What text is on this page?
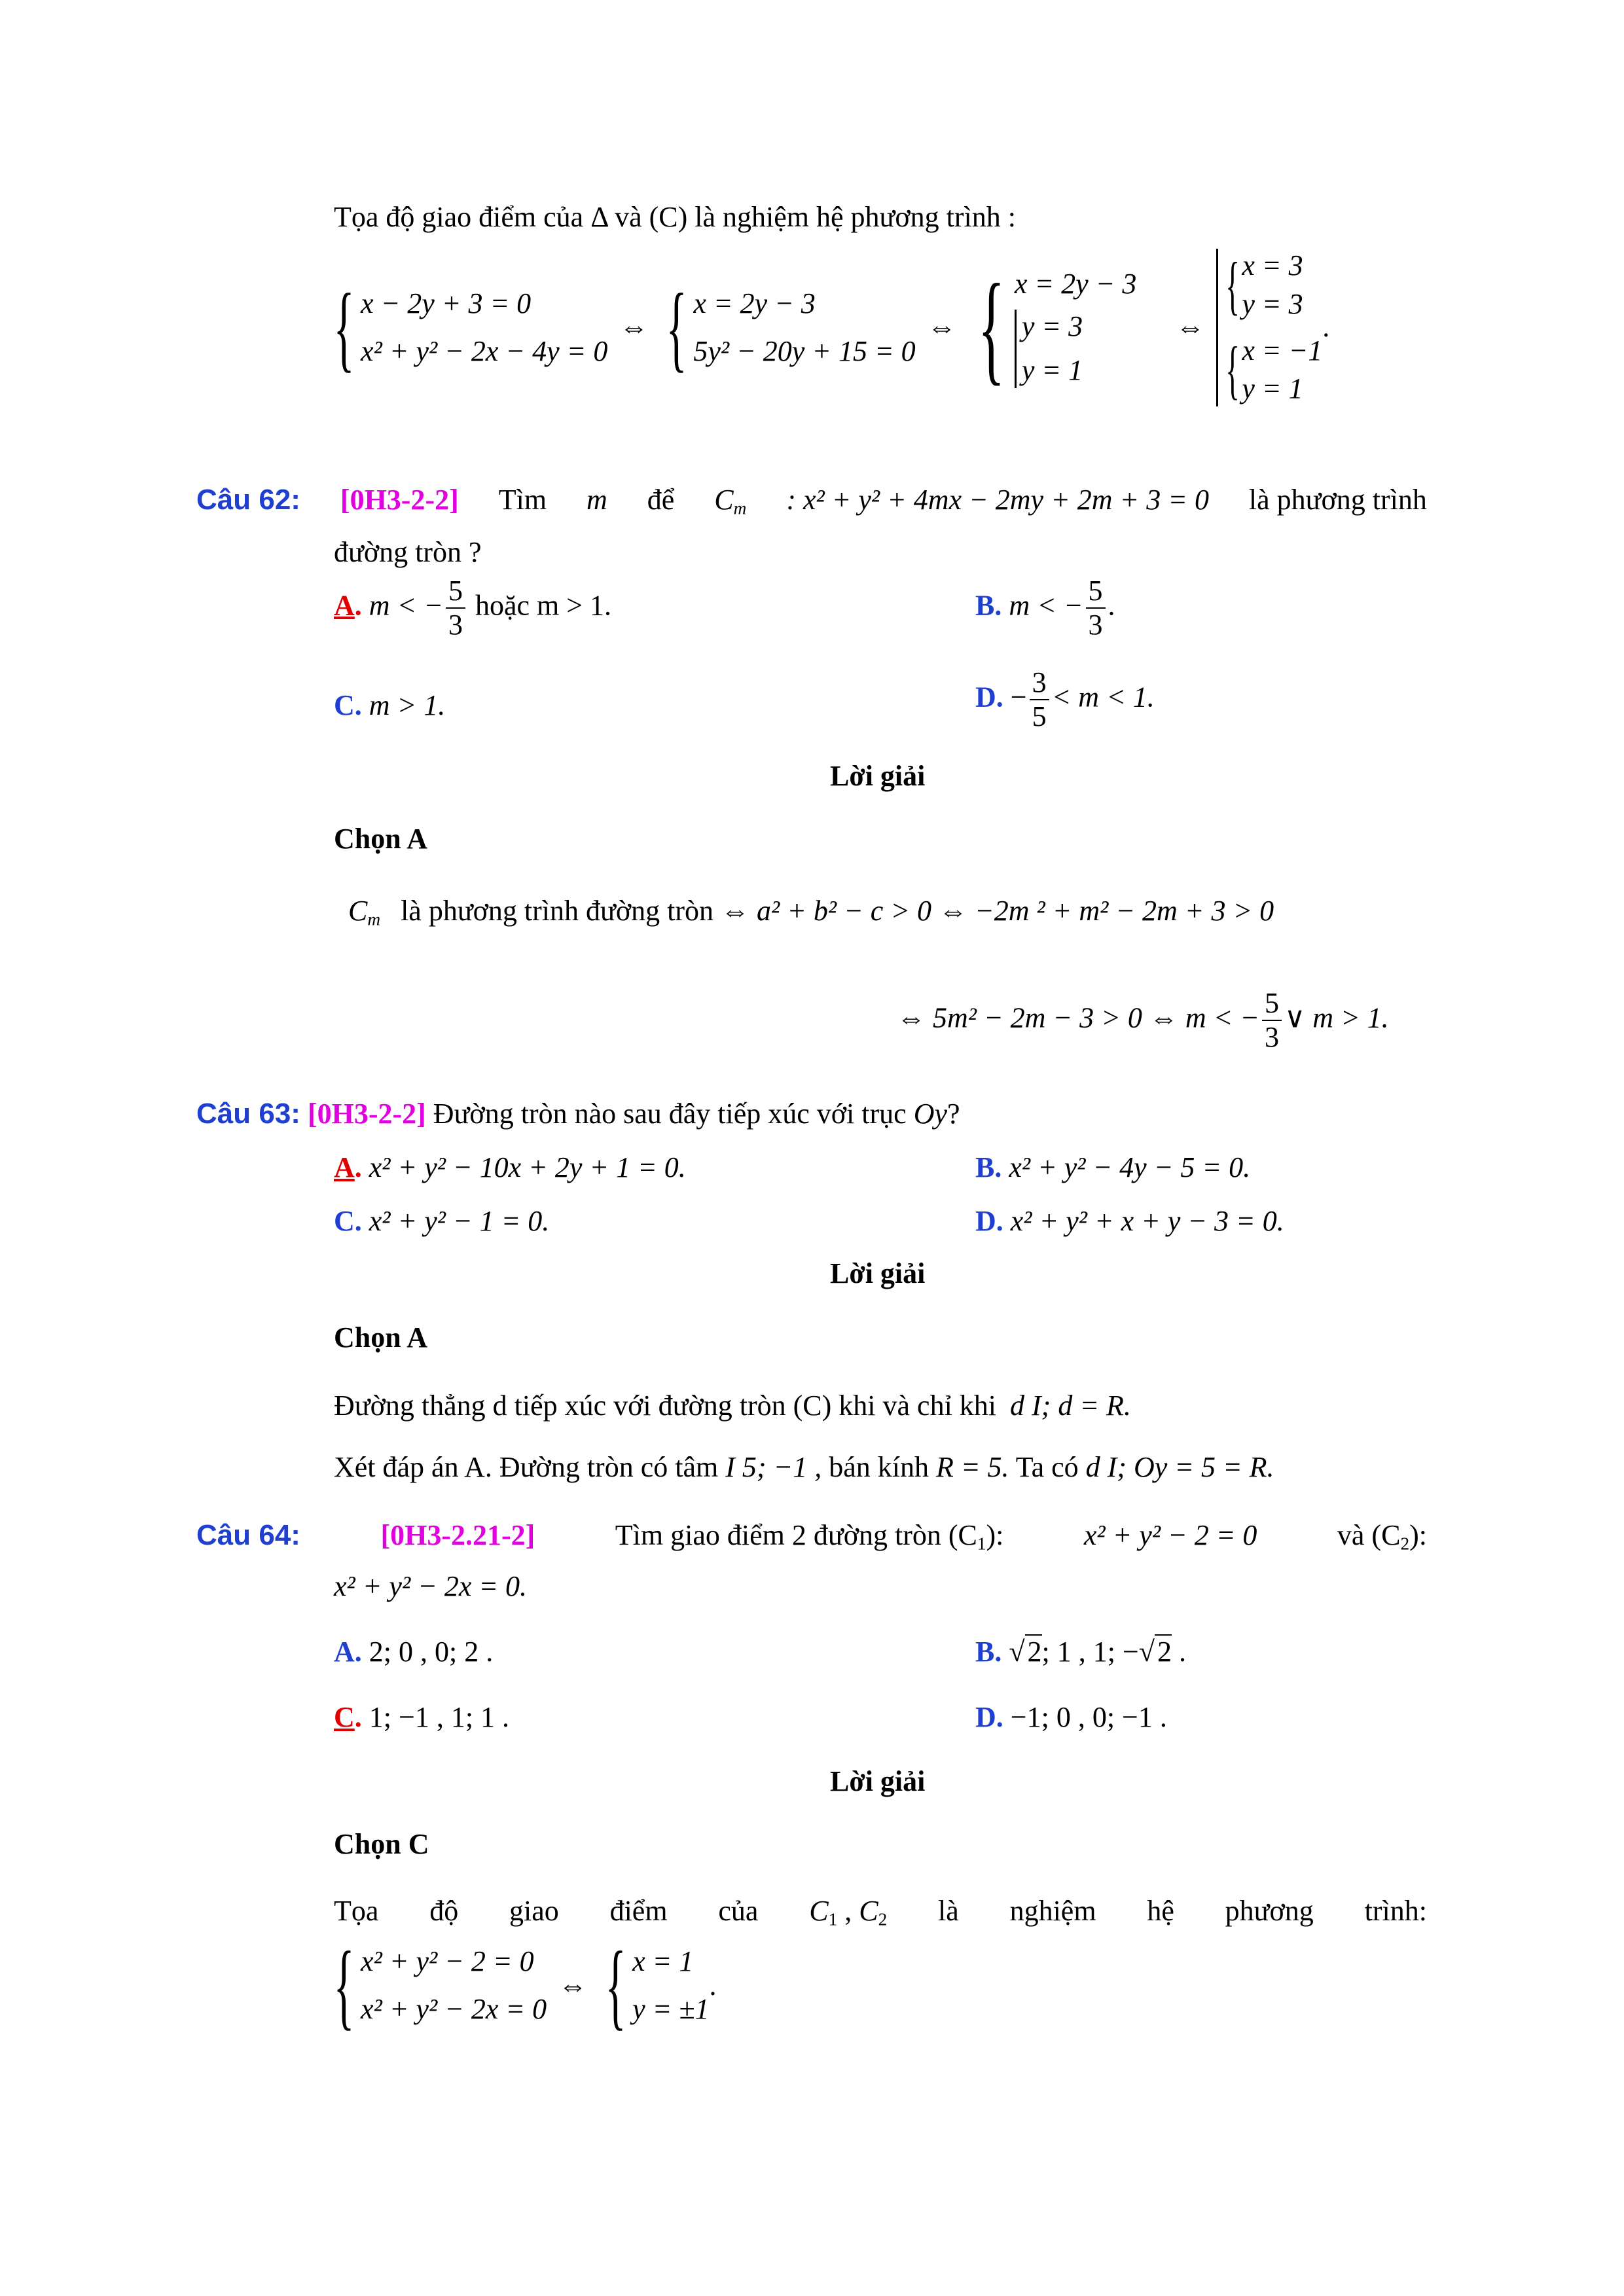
Tọa độ giao điểm của Δ và (C) là nghiệm hệ phương trình :
{ x − 2y + 3 = 0
x² + y² − 2x − 4y = 0
⇔ { x = 2y − 3
5y² − 20y + 15 = 0
⇔ { x = 2y − 3
y = 3
y = 1
⇔
{ x = 3
y = 3
{ x = −1
y = 1
.
Câu 62: [0H3-2-2] Tìm m để $C_m$ : x² + y² + 4mx − 2my + 2m + 3 = 0 là phương trình
đường tròn ?
A. m < − $\frac{5}{3}$ hoặc m > 1.	B. m < − $\frac{5}{3}$ .
C. m > 1.	D. − $\frac{3}{5} < m < 1$.
Lời giải
Chọn A
$C_m$ là phương trình đường tròn ⇔ a² + b² − c > 0 ⇔ −2m ² + m² − 2m + 3 > 0
⇔ 5m² − 2m − 3 > 0 ⇔ m < − $\frac{5}{3}$ ∨ m > 1.
Câu 63: [0H3-2-2] Đường tròn nào sau đây tiếp xúc với trục Oy?
A. x² + y² − 10x + 2y + 1 = 0.	B. x² + y² − 4y − 5 = 0.
C. x² + y² − 1 = 0.	D. x² + y² + x + y − 3 = 0.
Lời giải
Chọn A
Đường thẳng d tiếp xúc với đường tròn (C) khi và chỉ khi d I; d = R.
Xét đáp án A. Đường tròn có tâm I 5; −1 , bán kính R = 5. Ta có d I; Oy = 5 = R.
Câu 64:	[0H3-2.21-2]	Tìm giao điểm 2 đường tròn $(C_1)$:	x² + y² − 2 = 0	và $(C_2)$:
x² + y² − 2x = 0.
A. 2; 0 , 0; 2 .	B. √2; 1 , 1; −√2 .
C. 1; −1 , 1; 1 .	D. −1; 0 , 0; −1 .
Lời giải
Chọn C
Tọa độ giao điểm của $C_1$ , $C_2$ là nghiệm hệ phương trình:
{ x² + y² − 2 = 0
x² + y² − 2x = 0
⇔ { x = 1
y = ±1
.
